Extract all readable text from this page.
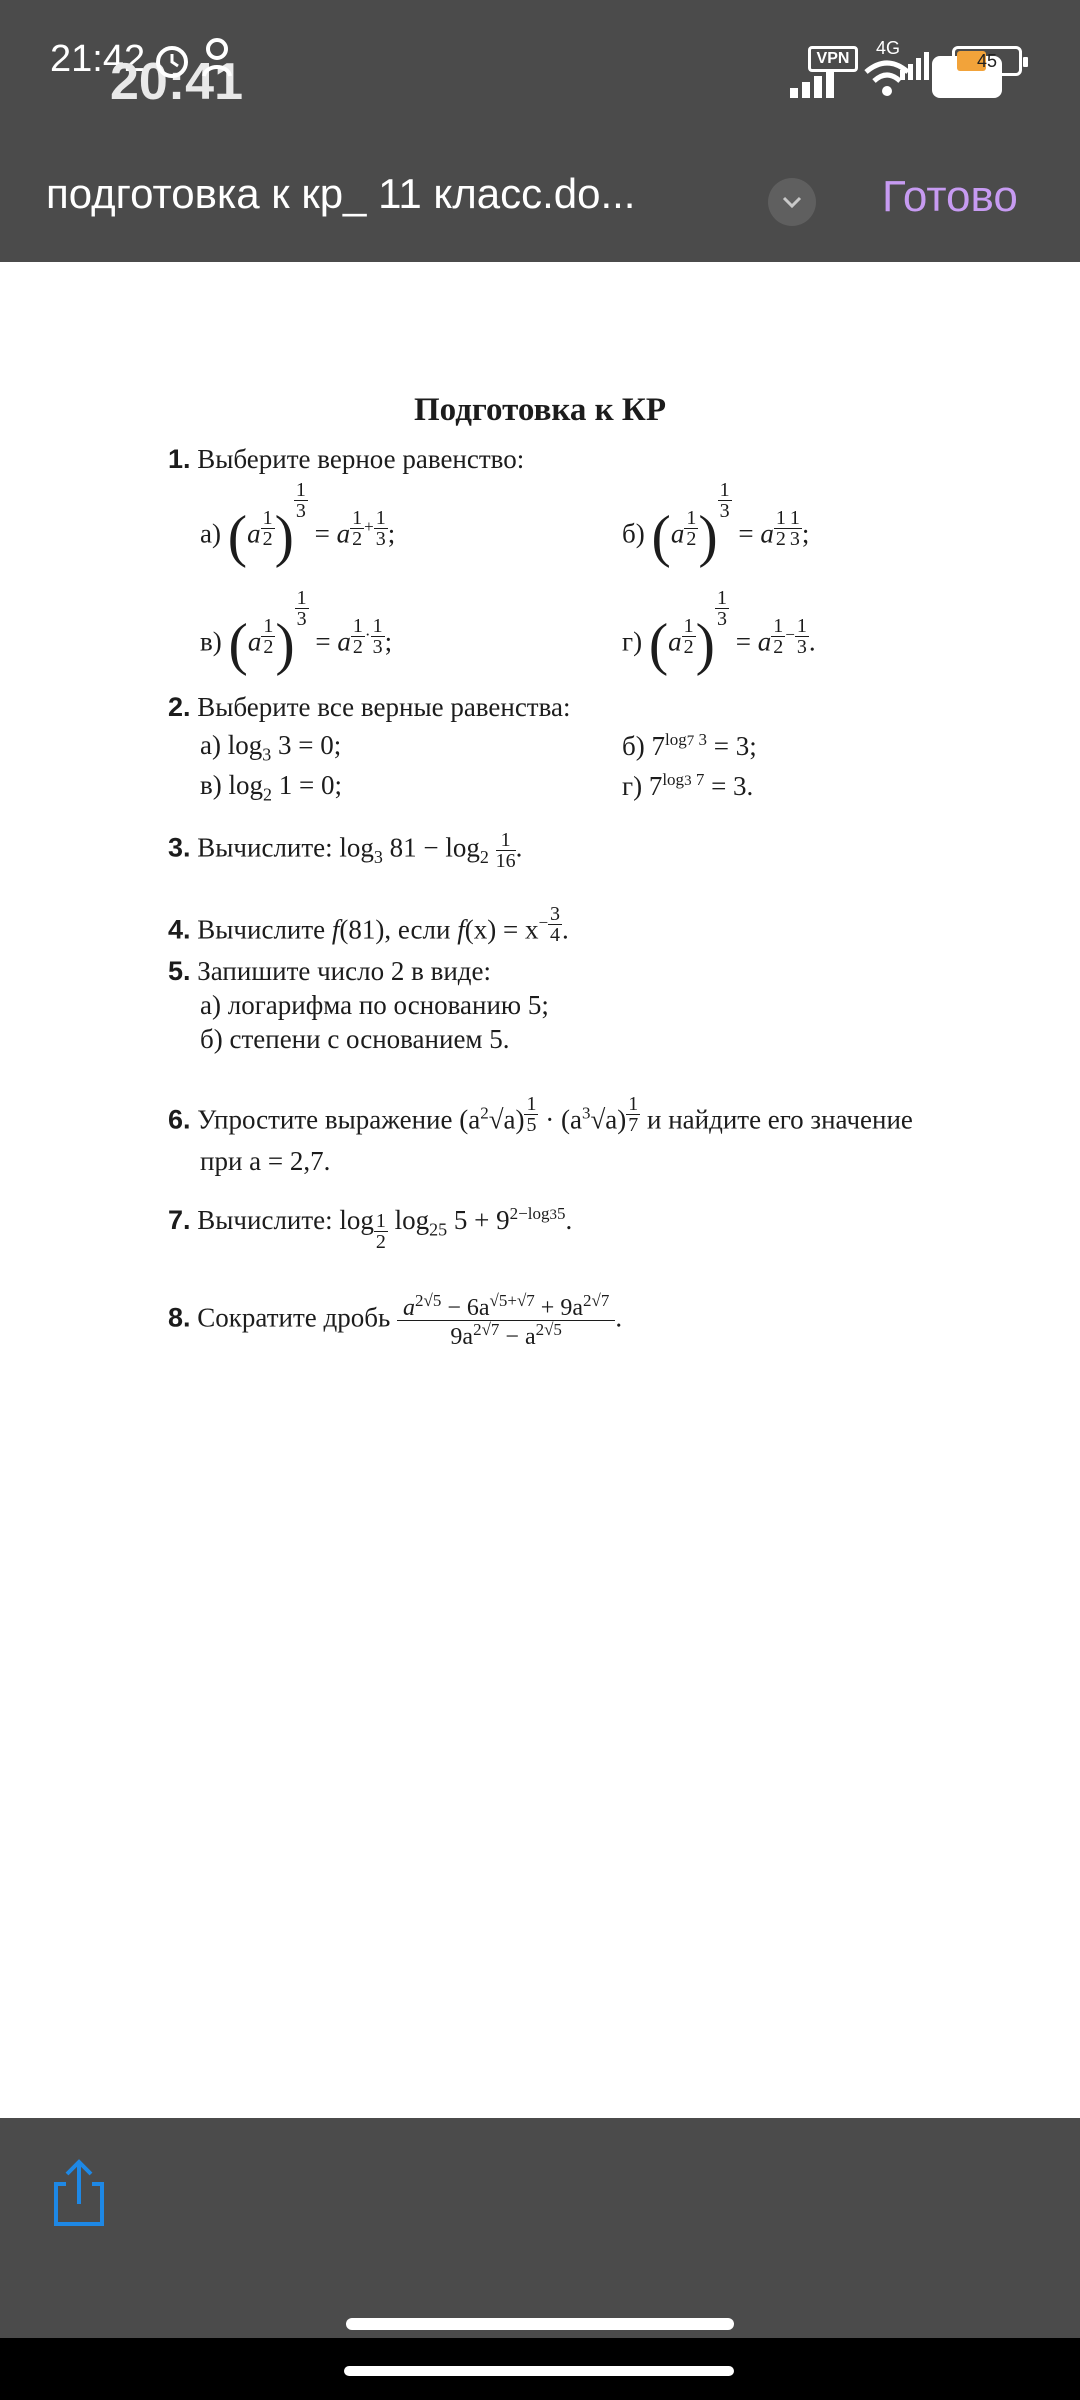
21:42
20:41	VPN
4G
45
подготовка к кр_ 11 класс.do...	Готово
Подготовка к КР
1. Выберите верное равенство:
а) (a $^{\frac{1}{2}}$ )
$^{\frac{1}{3}}$
= a $^{\frac{1}{2} + \frac{1}{3}}$ ;	б) (a $^{\frac{1}{2}}$ )
$^{\frac{1}{3}}$
= a $^{\frac{1}{2} \frac{1}{3}}$ ;
в) (a $^{\frac{1}{2}}$ )
$^{\frac{1}{3}}$
= a $^{\frac{1}{2} \cdot \frac{1}{3}}$ ;	г) (a $^{\frac{1}{2}}$ )
$^{\frac{1}{3}}$
= a $^{\frac{1}{2} - \frac{1}{3}}$ .
2. Выберите все верные равенства:
а) $\log_3 3 = 0$;	б) $7^{log7 3} = 3$;
в) $\log_2 1 = 0$;	г) $7^{log3 7} = 3$.
3. Вычислите: $\log_3 81 - \log_2 \frac{1}{16}$ .
4. Вычислите f(81), если $f(x) = x^{- \frac{3}{4}}$ .
5. Запишите число 2 в виде:
а) логарифма по основанию 5;
б) степени с основанием 5.
6. Упростите выражение $(a^2√a) ^{\frac{1}{5}} \cdot (a^3√a)$ $^{\frac{1}{7}}$ и найдите его значение
при a = 2,7.
7. Вычислите: log $_{\frac{1}{2}}$ $\log_{25} 5 + 9^{2-log35}$.
8. Сократите дробь $\frac{a^{2√5} - 6a^{√5+√7} + 9a^{2√7}}{9a^{2√7} - a^{2√5}}$ .
